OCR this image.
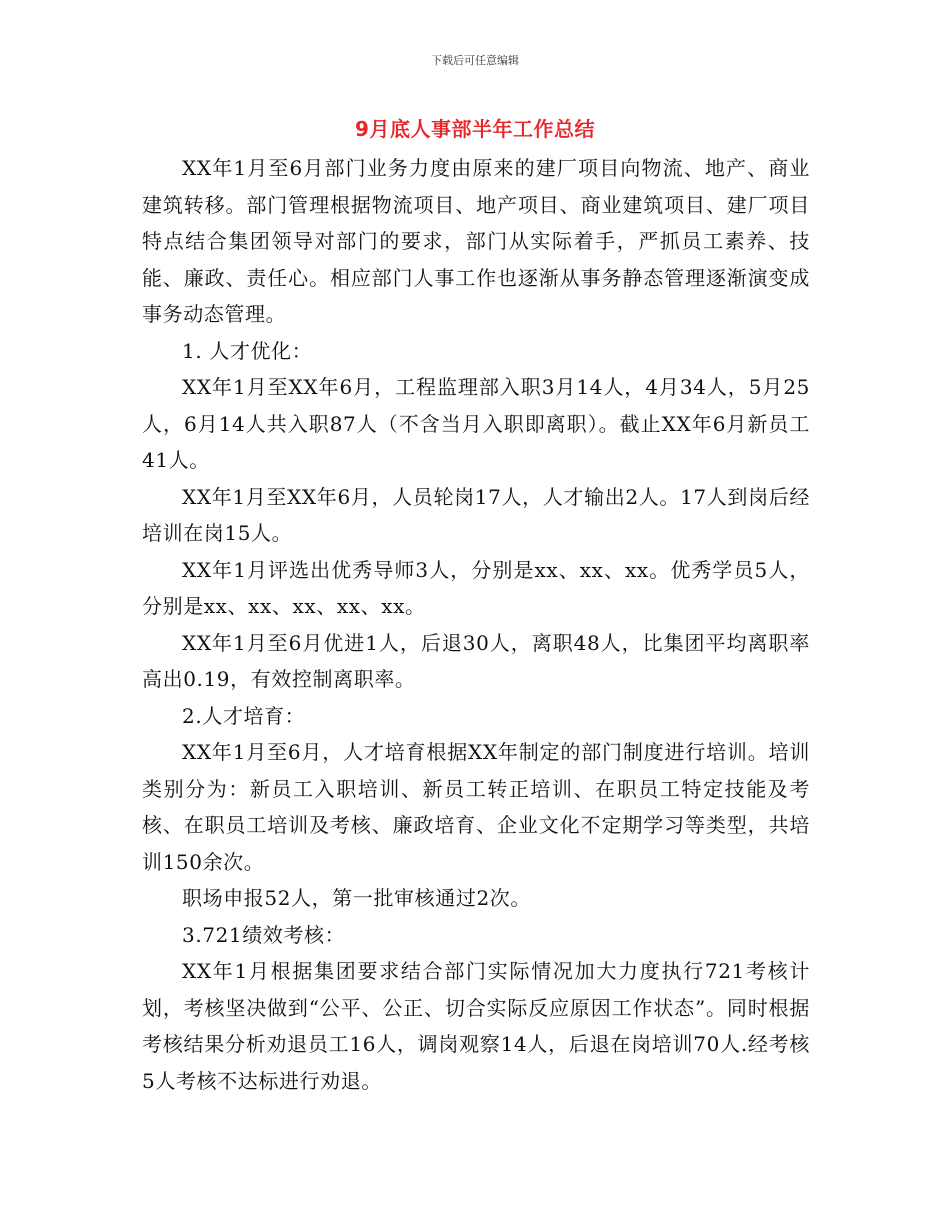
下载后可任意编辑
9月底人事部半年工作总结

XX年1月至6月部门业务力度由原来的建厂项目向物流、地产、商业建筑转移。部门管理根据物流项目、地产项目、商业建筑项目、建厂项目特点结合集团领导对部门的要求，部门从实际着手，严抓员工素养、技能、廉政、责任心。相应部门人事工作也逐渐从事务静态管理逐渐演变成事务动态管理。

1. 人才优化：

XX年1月至XX年6月，工程监理部入职3月14人，4月34人，5月25人，6月14人共入职87人（不含当月入职即离职）。截止XX年6月新员工41人。

XX年1月至XX年6月，人员轮岗17人，人才输出2人。17人到岗后经培训在岗15人。

XX年1月评选出优秀导师3人，分别是xx、xx、xx。优秀学员5人，分别是xx、xx、xx、xx、xx。

XX年1月至6月优进1人，后退30人，离职48人，比集团平均离职率高出0.19，有效控制离职率。

2.人才培育：

XX年1月至6月，人才培育根据XX年制定的部门制度进行培训。培训类别分为：新员工入职培训、新员工转正培训、在职员工特定技能及考核、在职员工培训及考核、廉政培育、企业文化不定期学习等类型，共培训150余次。

职场申报52人，第一批审核通过2次。

3.721绩效考核：

XX年1月根据集团要求结合部门实际情况加大力度执行721考核计划，考核坚决做到“公平、公正、切合实际反应原因工作状态”。同时根据考核结果分析劝退员工16人，调岗观察14人，后退在岗培训70人.经考核5人考核不达标进行劝退。
